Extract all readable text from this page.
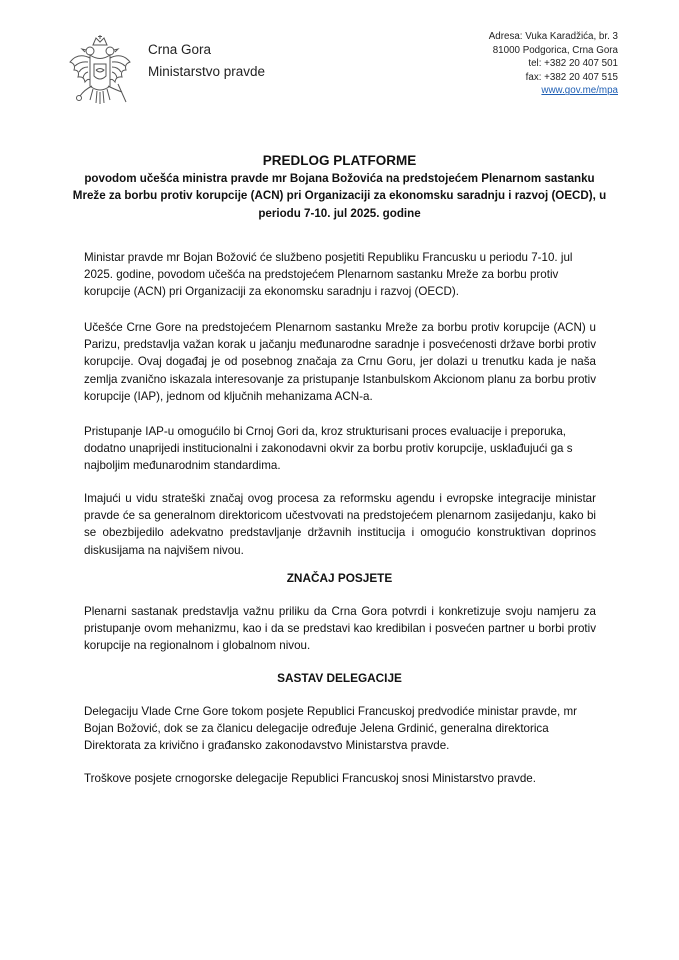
Crna Gora
Ministarstvo pravde
Adresa: Vuka Karadžića, br. 3
81000 Podgorica, Crna Gora
tel: +382 20 407 501
fax: +382 20 407 515
www.gov.me/mpa
PREDLOG PLATFORME
povodom učešća ministra pravde mr Bojana Božovića na predstojećem Plenarnom sastanku Mreže za borbu protiv korupcije (ACN) pri Organizaciji za ekonomsku saradnju i razvoj (OECD), u periodu 7-10. jul 2025. godine
Ministar pravde mr Bojan Božović će službeno posjetiti Republiku Francusku u periodu 7-10. jul 2025. godine, povodom učešća na predstojećem Plenarnom sastanku Mreže za borbu protiv korupcije (ACN) pri Organizaciji za ekonomsku saradnju i razvoj (OECD).
Učešće Crne Gore na predstojećem Plenarnom sastanku Mreže za borbu protiv korupcije (ACN) u Parizu, predstavlja važan korak u jačanju međunarodne saradnje i posvećenosti države borbi protiv korupcije. Ovaj događaj je od posebnog značaja za Crnu Goru, jer dolazi u trenutku kada je naša zemlja zvanično iskazala interesovanje za pristupanje Istanbulskom Akcionom planu za borbu protiv korupcije (IAP), jednom od ključnih mehanizama ACN-a.
Pristupanje IAP-u omogućilo bi Crnoj Gori da, kroz strukturisani proces evaluacije i preporuka, dodatno unaprijedi institucionalni i zakonodavni okvir za borbu protiv korupcije, usklađujući ga s najboljim međunarodnim standardima.
Imajući u vidu strateški značaj ovog procesa za reformsku agendu i evropske integracije ministar pravde će sa generalnom direktoricom učestvovati na predstojećem plenarnom zasijedanju, kako bi se obezbijedilo adekvatno predstavljanje državnih institucija i omogućio konstruktivan doprinos diskusijama na najvišem nivou.
ZNAČAJ POSJETE
Plenarni sastanak predstavlja važnu priliku da Crna Gora potvrdi i konkretizuje svoju namjeru za pristupanje ovom mehanizmu, kao i da se predstavi kao kredibilan i posvećen partner u borbi protiv korupcije na regionalnom i globalnom nivou.
SASTAV DELEGACIJE
Delegaciju Vlade Crne Gore tokom posjete Republici Francuskoj predvodiće ministar pravde, mr Bojan Božović, dok se za članicu delegacije određuje Jelena Grdinić, generalna direktorica Direktorata za krivično i građansko zakonodavstvo Ministarstva pravde.
Troškove posjete crnogorske delegacije Republici Francuskoj snosi Ministarstvo pravde.
